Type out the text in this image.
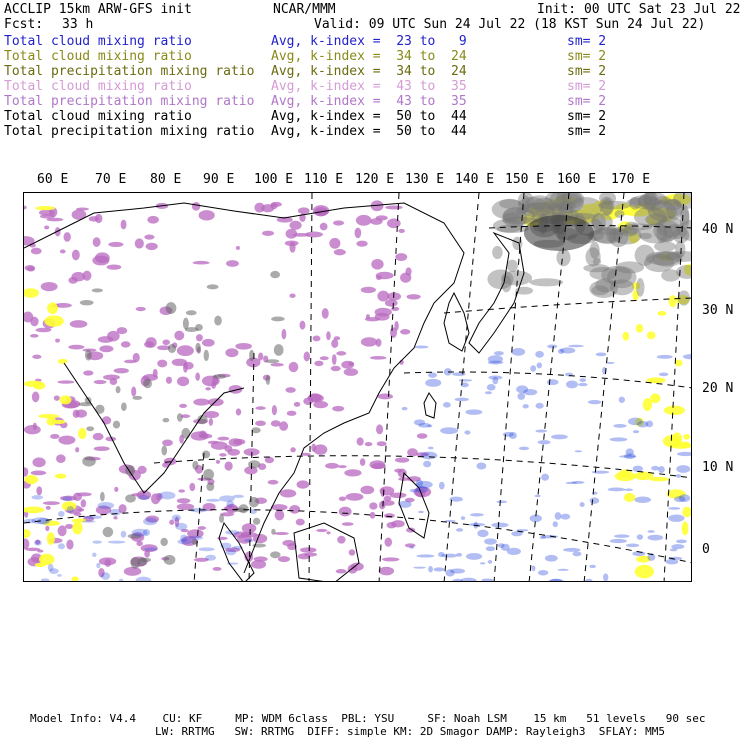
ACCLIP 15km ARW-GFS init	NCAR/MMM	Init: 00 UTC Sat 23 Jul 22
Fcst: 33 h	Valid: 09 UTC Sun 24 Jul 22 (18 KST Sun 24 Jul 22)
Total cloud mixing ratio	Avg, k-index =  23 to   9	sm= 2
Total cloud mixing ratio	Avg, k-index =  34 to  24	sm= 2
Total precipitation mixing ratio Avg, k-index =  34 to  24	sm= 2
Total cloud mixing ratio	Avg, k-index =  43 to  35	sm= 2
Total precipitation mixing ratio Avg, k-index =  43 to  35	sm= 2
Total cloud mixing ratio	Avg, k-index =  50 to  44	sm= 2
Total precipitation mixing ratio Avg, k-index =  50 to  44	sm= 2
60 E 70 E 80 E 90 E 100 E 110 E 120 E 130 E 140 E 150 E 160 E 170 E
40 N
30 N
20 N
10 N
0
Model Info: V4.4    CU: KF     MP: WDM 6class  PBL: YSU     SF: Noah LSM    15 km   51 levels   90 sec
LW: RRTMG   SW: RRTMG  DIFF: simple KM: 2D Smagor DAMP: Rayleigh3  SFLAY: MM5
